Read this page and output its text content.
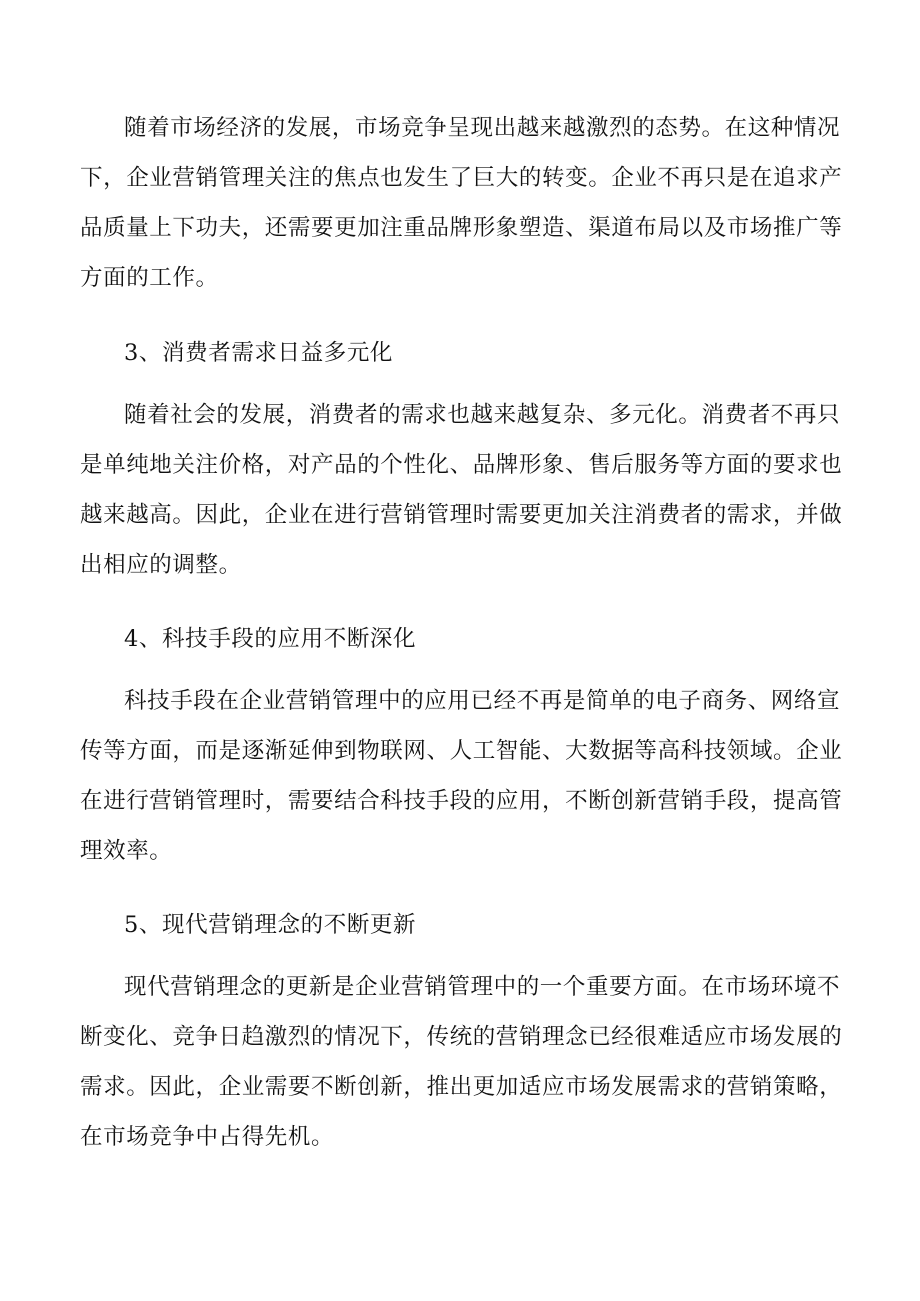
随着市场经济的发展，市场竞争呈现出越来越激烈的态势。在这种情况
下，企业营销管理关注的焦点也发生了巨大的转变。企业不再只是在追求产
品质量上下功夫，还需要更加注重品牌形象塑造、渠道布局以及市场推广等
方面的工作。
3、消费者需求日益多元化
随着社会的发展，消费者的需求也越来越复杂、多元化。消费者不再只
是单纯地关注价格，对产品的个性化、品牌形象、售后服务等方面的要求也
越来越高。因此，企业在进行营销管理时需要更加关注消费者的需求，并做
出相应的调整。
4、科技手段的应用不断深化
科技手段在企业营销管理中的应用已经不再是简单的电子商务、网络宣
传等方面，而是逐渐延伸到物联网、人工智能、大数据等高科技领域。企业
在进行营销管理时，需要结合科技手段的应用，不断创新营销手段，提高管
理效率。
5、现代营销理念的不断更新
现代营销理念的更新是企业营销管理中的一个重要方面。在市场环境不
断变化、竞争日趋激烈的情况下，传统的营销理念已经很难适应市场发展的
需求。因此，企业需要不断创新，推出更加适应市场发展需求的营销策略，
在市场竞争中占得先机。
